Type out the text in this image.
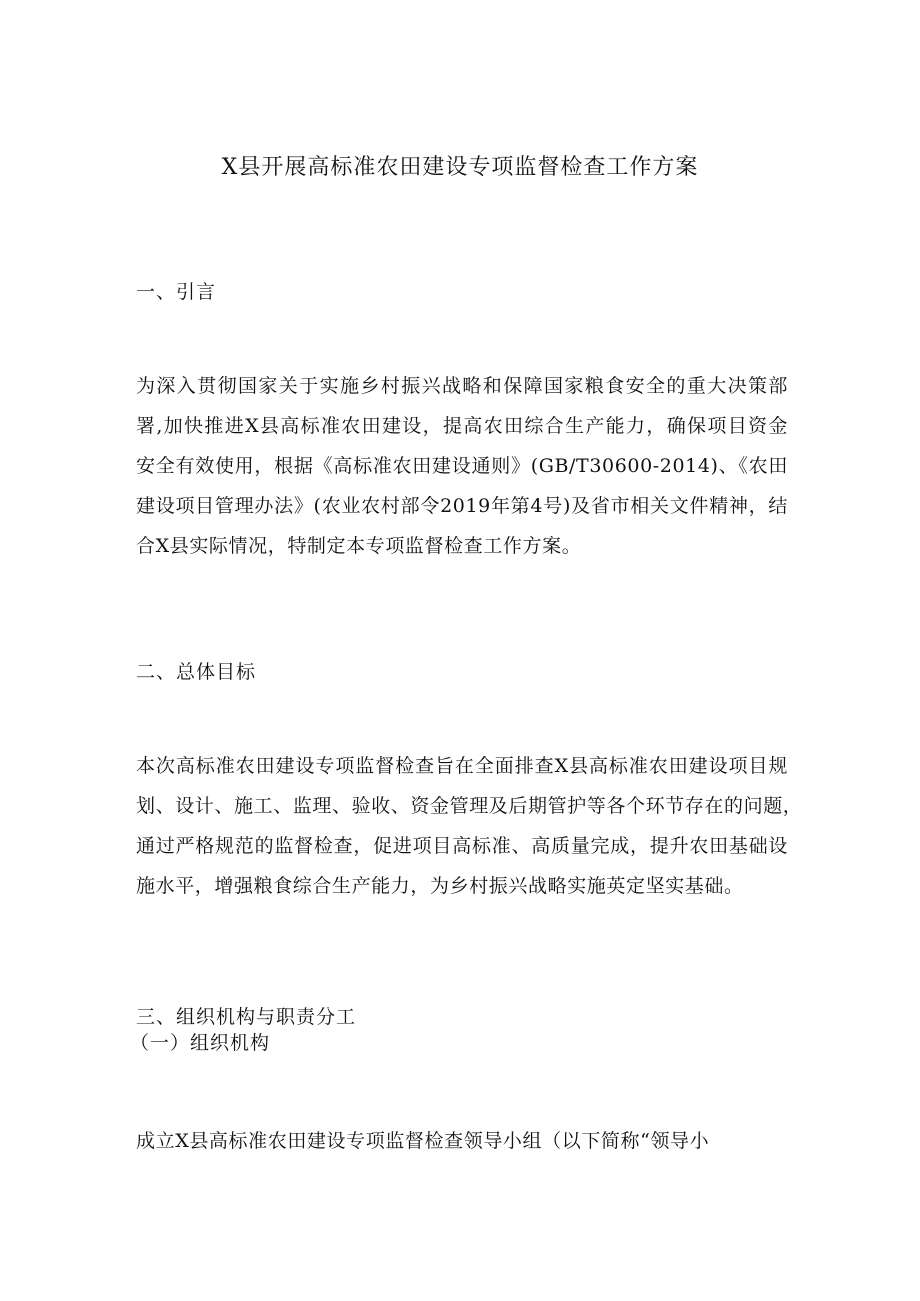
X县开展高标准农田建设专项监督检查工作方案
一、引言
为深入贯彻国家关于实施乡村振兴战略和保障国家粮食安全的重大决策部
署,加快推进X县高标准农田建设，提高农田综合生产能力，确保项目资金
安全有效使用，根据《高标准农田建设通则》(GB/T30600-2014)、《农田
建设项目管理办法》(农业农村部令2019年第4号)及省市相关文件精神，结
合X县实际情况，特制定本专项监督检查工作方案。
二、总体目标
本次高标准农田建设专项监督检查旨在全面排查X县高标准农田建设项目规
划、设计、施工、监理、验收、资金管理及后期管护等各个环节存在的问题，
通过严格规范的监督检查，促进项目高标准、高质量完成，提升农田基础设
施水平，增强粮食综合生产能力，为乡村振兴战略实施英定坚实基础。
三、组织机构与职责分工
（一）组织机构
成立X县高标准农田建设专项监督检查领导小组（以下简称“领导小
